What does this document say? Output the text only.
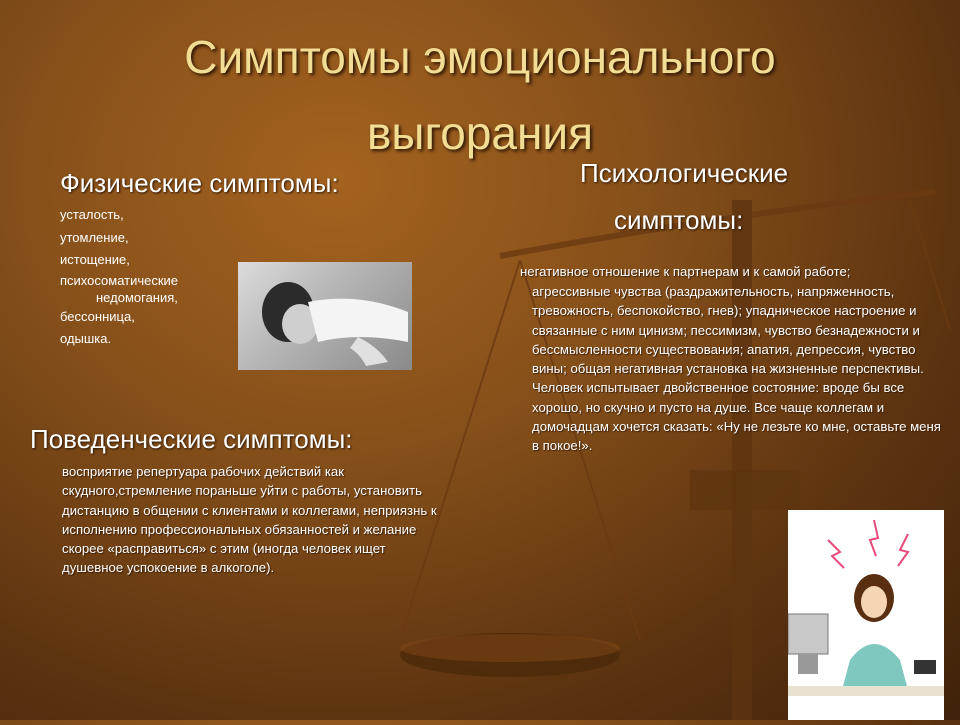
Симптомы эмоционального
выгорания
Физические симптомы:
усталость,
утомление,
истощение,
психосоматические
недомогания,
бессонница,
одышка.
Психологические
симптомы:
негативное отношение к партнерам и к самой работе;
агрессивные чувства (раздражительность, напряженность, тревожность, беспокойство, гнев); упадническое настроение и связанные с ним цинизм; пессимизм, чувство безнадежности и бессмысленности существования; апатия, депрессия, чувство вины; общая негативная установка на жизненные перспективы. Человек испытывает двойственное состояние: вроде бы все хорошо, но скучно и пусто на душе. Все чаще коллегам и домочадцам хочется сказать: «Ну не лезьте ко мне, оставьте меня в покое!».
Поведенческие симптомы:
восприятие репертуара рабочих действий как скудного,стремление пораньше уйти с работы, установить дистанцию в общении с клиентами и коллегами, неприязнь к исполнению профессиональных обязанностей и желание скорее «расправиться» с этим (иногда человек ищет душевное успокоение в алкоголе).
